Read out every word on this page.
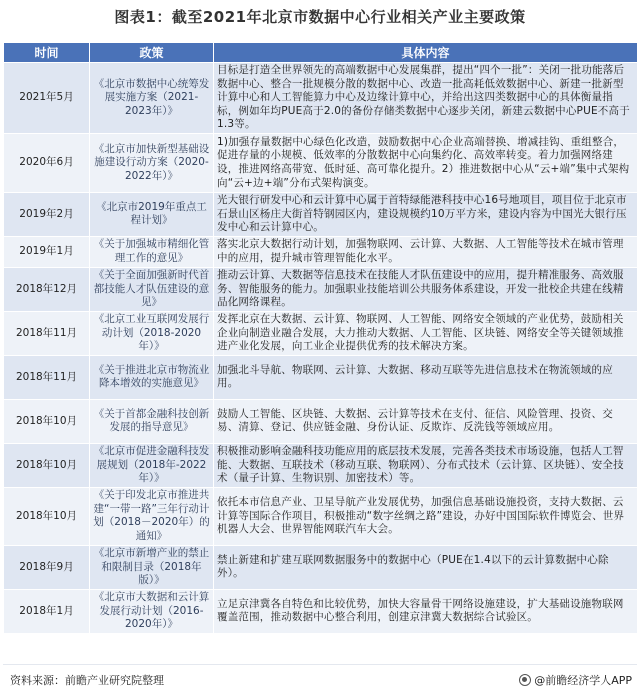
图表1：截至2021年北京市数据中心行业相关产业主要政策
时间	政策	具体内容
2021年5月	《北京市数据中心统筹发展实施方案（2021-2023年）》	目标是打造全世界领先的高端数据中心发展集群，提出“四个一批”：关闭一批功能落后数据中心、整合一批规模分散的数据中心、改造一批高耗低效数据中心、新建一批新型计算中心和人工智能算力中心及边缘计算中心，并给出这四类数据中心的具体衡量指标，例如年均PUE高于2.0的备份存储类数据中心逐步关闭，新建云数据中心PUE不高于1.3等。
2020年6月	《北京市加快新型基础设施建设行动方案（2020-2022年）》	1)加强存量数据中心绿色化改造，鼓励数据中心企业高端替换、增减挂钩、重组整合，促进存量的小规模、低效率的分散数据中心向集约化、高效率转变。着力加强网络建设，推进网络高带宽、低时延、高可靠化提升。2）推进数据中心从“云+端”集中式架构向“云+边+端”分布式架构演变。
2019年2月	《北京市2019年重点工程计划》	光大银行研发中心和云计算中心属于首特绿能港科技中心16号地项目，项目位于北京市石景山区杨庄大街首特钢园区内，建设规模约10万平方米，建设内容为中国光大银行压发中心和云计算中心。
2019年1月	《关于加强城市精细化管理工作的意见》	落实北京大数据行动计划，加强物联网、云计算、大数据、人工智能等技术在城市管理中的应用，提升城市管理智能化水平。
2018年12月	《关于全面加强新时代首都技能人才队伍建设的意见》	推动云计算、大数据等信息技术在技能人才队伍建设中的应用，提升精准服务、高效服务、智能服务的能力。加强职业技能培训公共服务体系建设，开发一批校企共建在线精品化网络课程。
2018年11月	《北京工业互联网发展行动计划（2018-2020年）》	发挥北京在大数据、云计算、物联网、人工智能、网络安全领域的产业优势，鼓励相关企业向制造业融合发展，大力推动大数据、人工智能、区块链、网络安全等关键领域推进产业化发展，向工业企业提供优秀的技术解决方案。
2018年11月	《关于推进北京市物流业降本增效的实施意见》	加强北斗导航、物联网、云计算、大数据、移动互联等先进信息技术在物流领域的应用。
2018年10月	《关于首都金融科技创新发展的指导意见》	鼓励人工智能、区块链、大数据、云计算等技术在支付、征信、风险管理、投资、交易、清算、登记、供应链金融、身份认证、反欺诈、反洗钱等领域应用。
2018年10月	《北京市促进金融科技发展规划（2018年-2022年）》	积极推动影响金融科技功能应用的底层技术发展，完善各类技术市场设施，包括人工智能、大数据、互联技术（移动互联、物联网）、分布式技术（云计算、区块链）、安全技术（量子计算、生物识别、加密技术）等。
2018年10月	《关于印发北京市推进共建“一带一路”三年行动计划（2018－2020年）的通知》	依托本市信息产业、卫星导航产业发展优势，加强信息基础设施投资，支持大数据、云计算等国际合作项目，积极推动“数字丝绸之路”建设，办好中国国际软件博览会、世界机器人大会、世界智能网联汽车大会。
2018年9月	《北京市新增产业的禁止和限制目录（2018年版）》	禁止新建和扩建互联网数据服务中的数据中心（PUE在1.4以下的云计算数据中心除外）。
2018年1月	《北京市大数据和云计算发展行动计划（2016-2020年）》	立足京津冀各自特色和比较优势，加快大容量骨干网络设施建设，扩大基础设施物联网覆盖范围，推动数据中心整合利用，创建京津冀大数据综合试验区。
资料来源：前瞻产业研究院整理	@前瞻经济学人APP
